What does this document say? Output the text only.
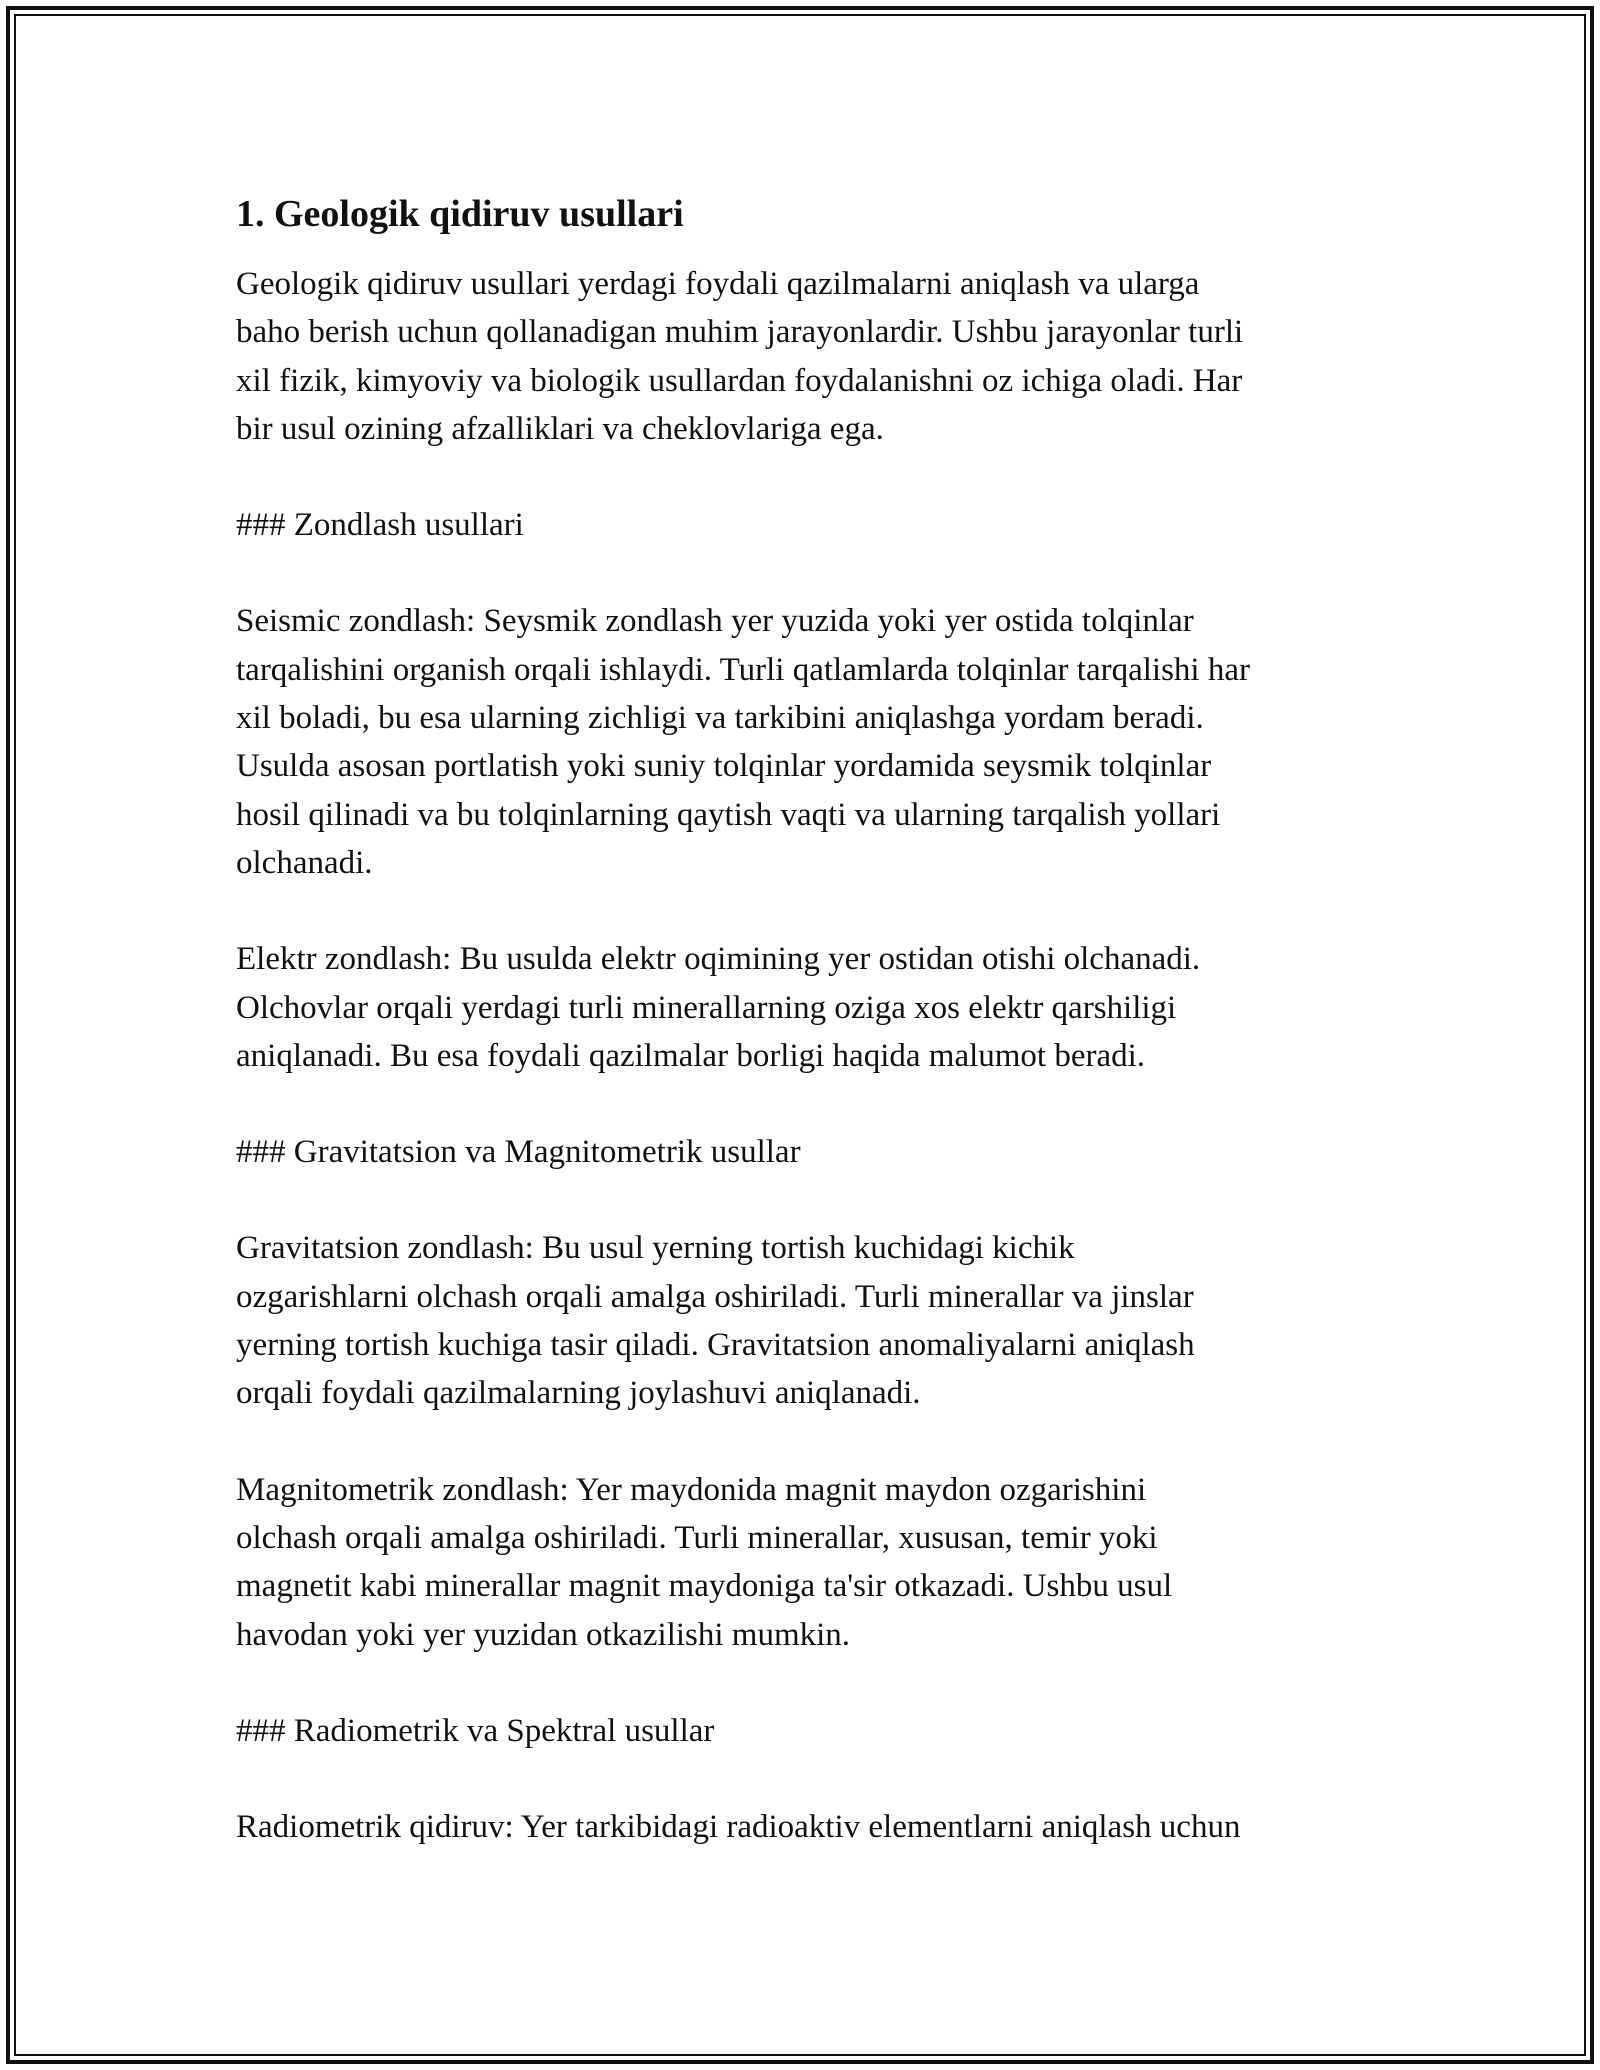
1. Geologik qidiruv usullari

Geologik qidiruv usullari yerdagi foydali qazilmalarni aniqlash va ularga
baho berish uchun qollanadigan muhim jarayonlardir. Ushbu jarayonlar turli
xil fizik, kimyoviy va biologik usullardan foydalanishni oz ichiga oladi. Har
bir usul ozining afzalliklari va cheklovlariga ega.

### Zondlash usullari

Seismic zondlash: Seysmik zondlash yer yuzida yoki yer ostida tolqinlar
tarqalishini organish orqali ishlaydi. Turli qatlamlarda tolqinlar tarqalishi har
xil boladi, bu esa ularning zichligi va tarkibini aniqlashga yordam beradi.
Usulda asosan portlatish yoki suniy tolqinlar yordamida seysmik tolqinlar
hosil qilinadi va bu tolqinlarning qaytish vaqti va ularning tarqalish yollari
olchanadi.

Elektr zondlash: Bu usulda elektr oqimining yer ostidan otishi olchanadi.
Olchovlar orqali yerdagi turli minerallarning oziga xos elektr qarshiligi
aniqlanadi. Bu esa foydali qazilmalar borligi haqida malumot beradi.

### Gravitatsion va Magnitometrik usullar

Gravitatsion zondlash: Bu usul yerning tortish kuchidagi kichik
ozgarishlarni olchash orqali amalga oshiriladi. Turli minerallar va jinslar
yerning tortish kuchiga tasir qiladi. Gravitatsion anomaliyalarni aniqlash
orqali foydali qazilmalarning joylashuvi aniqlanadi.

Magnitometrik zondlash: Yer maydonida magnit maydon ozgarishini
olchash orqali amalga oshiriladi. Turli minerallar, xususan, temir yoki
magnetit kabi minerallar magnit maydoniga ta'sir otkazadi. Ushbu usul
havodan yoki yer yuzidan otkazilishi mumkin.

### Radiometrik va Spektral usullar

Radiometrik qidiruv: Yer tarkibidagi radioaktiv elementlarni aniqlash uchun
